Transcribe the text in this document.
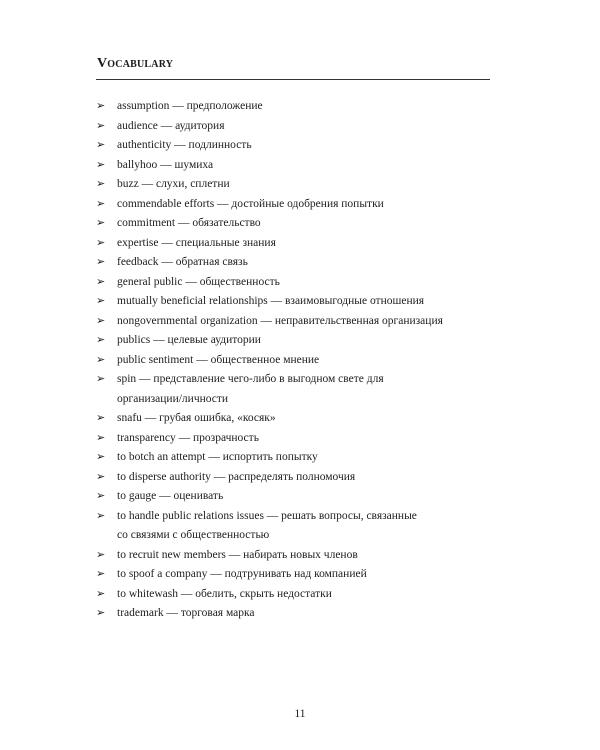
Vocabulary
➢	assumption — предположение
➢	audience — аудитория
➢	authenticity — подлинность
➢	ballyhoo — шумиха
➢	buzz — слухи, сплетни
➢	commendable efforts — достойные одобрения попытки
➢	commitment — обязательство
➢	expertise — специальные знания
➢	feedback — обратная связь
➢	general public — общественность
➢	mutually beneficial relationships — взаимовыгодные отношения
➢	nongovernmental organization — неправительственная организация
➢	publics — целевые аудитории
➢	public sentiment — общественное мнение
➢	spin — представление чего-либо в выгодном свете для
организации/личности
➢	snafu — грубая ошибка, «косяк»
➢	transparency — прозрачность
➢	to botch an attempt — испортить попытку
➢	to disperse authority — распределять полномочия
➢	to gauge — оценивать
➢	to handle public relations issues — решать вопросы, связанные
со связями с общественностью
➢	to recruit new members — набирать новых членов
➢	to spoof a company — подтрунивать над компанией
➢	to whitewash — обелить, скрыть недостатки
➢	trademark — торговая марка
11
